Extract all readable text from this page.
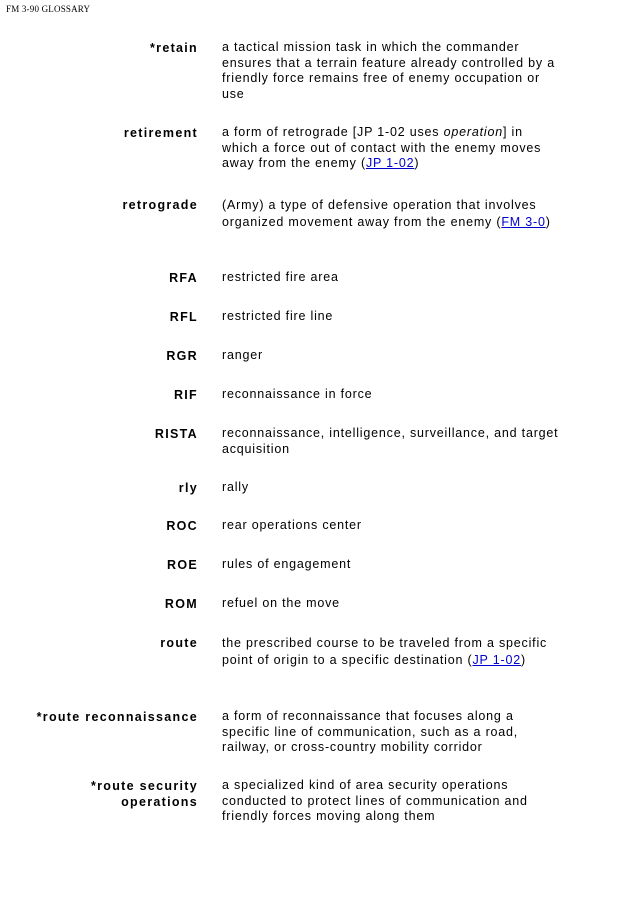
FM 3-90 GLOSSARY
*retain a tactical mission task in which the commander ensures that a terrain feature already controlled by a friendly force remains free of enemy occupation or use
retirement a form of retrograde [JP 1-02 uses operation] in which a force out of contact with the enemy moves away from the enemy (JP 1-02)
retrograde (Army) a type of defensive operation that involves organized movement away from the enemy (FM 3-0)
RFA restricted fire area
RFL restricted fire line
RGR ranger
RIF reconnaissance in force
RISTA reconnaissance, intelligence, surveillance, and target acquisition
rly rally
ROC rear operations center
ROE rules of engagement
ROM refuel on the move
route the prescribed course to be traveled from a specific point of origin to a specific destination (JP 1-02)
*route reconnaissance a form of reconnaissance that focuses along a specific line of communication, such as a road, railway, or cross-country mobility corridor
*route security
operations
a specialized kind of area security operations conducted to protect lines of communication and friendly forces moving along them
